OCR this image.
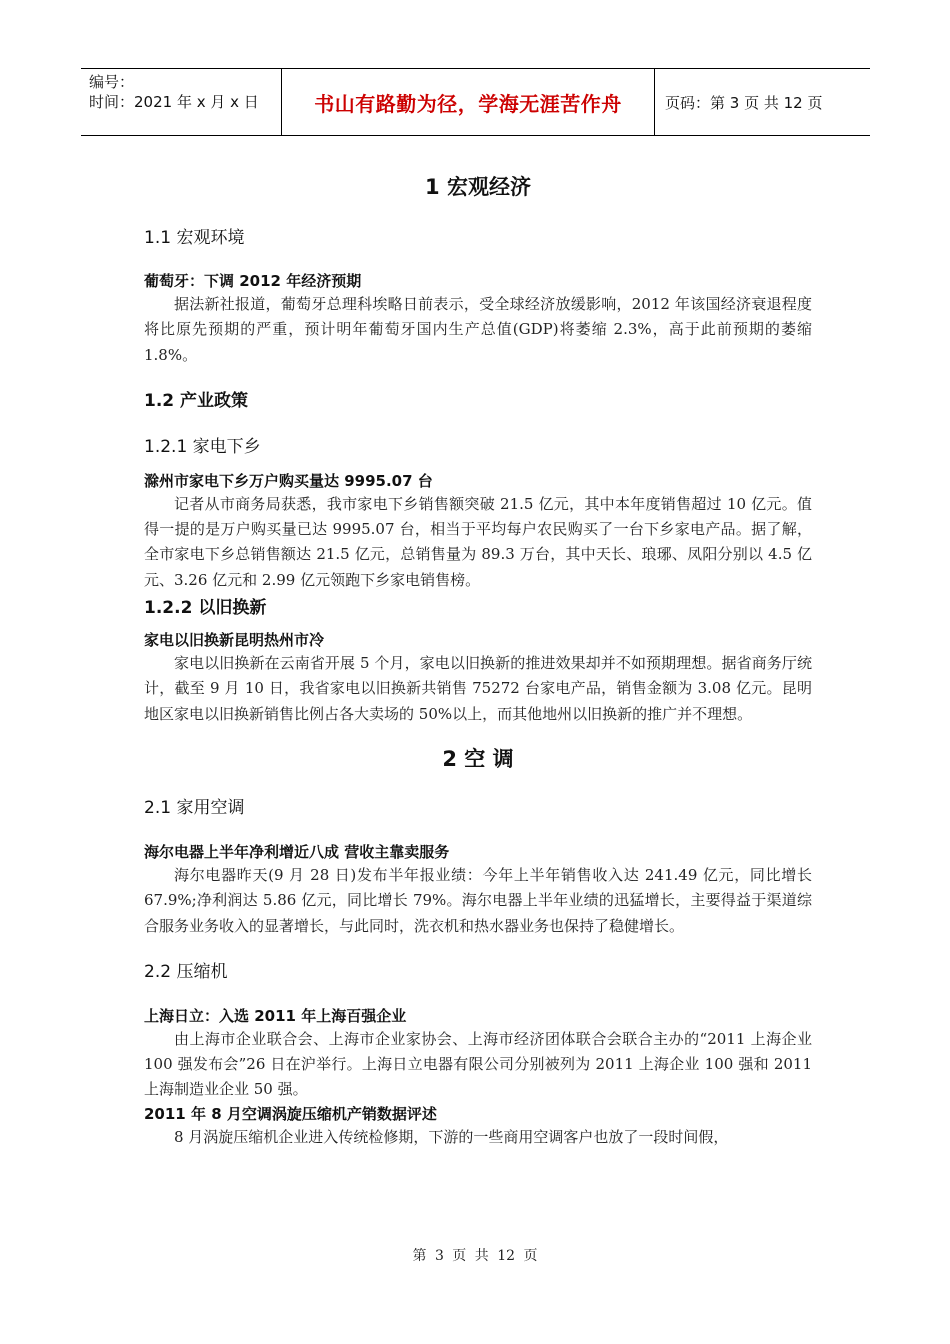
编号：
时间：2021 年 x 月 x 日	书山有路勤为径，学海无涯苦作舟	页码：第 3 页 共 12 页
1 宏观经济
1.1 宏观环境
葡萄牙：下调 2012 年经济预期
据法新社报道，葡萄牙总理科埃略日前表示，受全球经济放缓影响，2012 年该国经济衰退程度将比原先预期的严重，预计明年葡萄牙国内生产总值(GDP)将萎缩 2.3%，高于此前预期的萎缩 1.8%。
1.2 产业政策
1.2.1 家电下乡
滁州市家电下乡万户购买量达 9995.07 台
记者从市商务局获悉，我市家电下乡销售额突破 21.5 亿元，其中本年度销售超过 10 亿元。值得一提的是万户购买量已达 9995.07 台，相当于平均每户农民购买了一台下乡家电产品。据了解，全市家电下乡总销售额达 21.5 亿元，总销售量为 89.3 万台，其中天长、琅琊、凤阳分别以 4.5 亿元、3.26 亿元和 2.99 亿元领跑下乡家电销售榜。
1.2.2 以旧换新
家电以旧换新昆明热州市冷
家电以旧换新在云南省开展 5 个月，家电以旧换新的推进效果却并不如预期理想。据省商务厅统计，截至 9 月 10 日，我省家电以旧换新共销售 75272 台家电产品，销售金额为 3.08 亿元。昆明地区家电以旧换新销售比例占各大卖场的 50%以上，而其他地州以旧换新的推广并不理想。
2 空 调
2.1 家用空调
海尔电器上半年净利增近八成 营收主靠卖服务
海尔电器昨天(9 月 28 日)发布半年报业绩：今年上半年销售收入达 241.49 亿元，同比增长 67.9%;净利润达 5.86 亿元，同比增长 79%。海尔电器上半年业绩的迅猛增长，主要得益于渠道综合服务业务收入的显著增长，与此同时，洗衣机和热水器业务也保持了稳健增长。
2.2 压缩机
上海日立：入选 2011 年上海百强企业
由上海市企业联合会、上海市企业家协会、上海市经济团体联合会联合主办的“2011 上海企业 100 强发布会”26 日在沪举行。上海日立电器有限公司分别被列为 2011 上海企业 100 强和 2011 上海制造业企业 50 强。
2011 年 8 月空调涡旋压缩机产销数据评述
8 月涡旋压缩机企业进入传统检修期，下游的一些商用空调客户也放了一段时间假，
第 3 页 共 12 页
